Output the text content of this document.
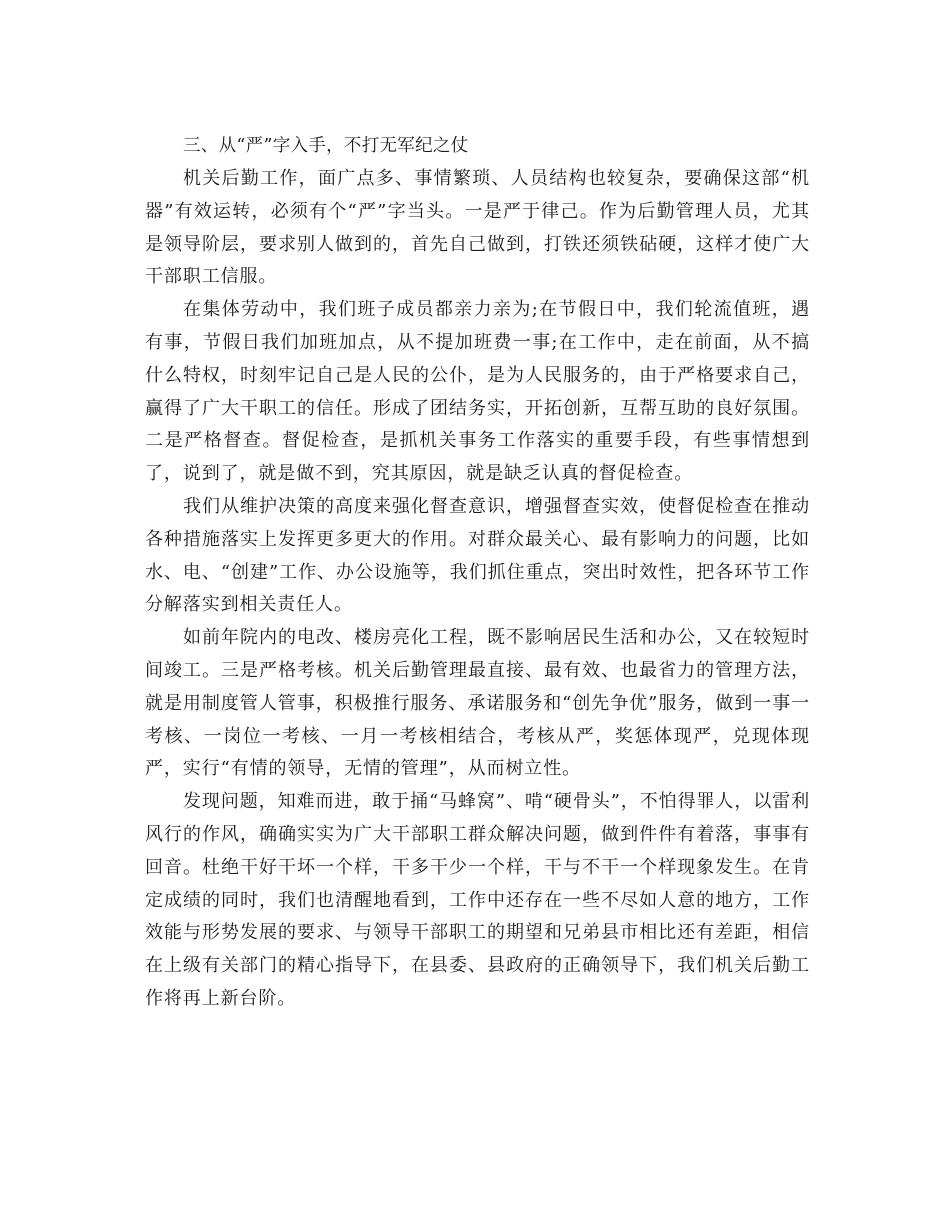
三、从“严”字入手，不打无军纪之仗

机关后勤工作，面广点多、事情繁琐、人员结构也较复杂，要确保这部“机器”有效运转，必须有个“严”字当头。一是严于律己。作为后勤管理人员，尤其是领导阶层，要求别人做到的，首先自己做到，打铁还须铁砧硬，这样才使广大干部职工信服。

在集体劳动中，我们班子成员都亲力亲为;在节假日中，我们轮流值班，遇有事，节假日我们加班加点，从不提加班费一事;在工作中，走在前面，从不搞什么特权，时刻牢记自己是人民的公仆，是为人民服务的，由于严格要求自己，赢得了广大干职工的信任。形成了团结务实，开拓创新，互帮互助的良好氛围。二是严格督查。督促检查，是抓机关事务工作落实的重要手段，有些事情想到了，说到了，就是做不到，究其原因，就是缺乏认真的督促检查。

我们从维护决策的高度来强化督查意识，增强督查实效，使督促检查在推动各种措施落实上发挥更多更大的作用。对群众最关心、最有影响力的问题，比如水、电、“创建”工作、办公设施等，我们抓住重点，突出时效性，把各环节工作分解落实到相关责任人。

如前年院内的电改、楼房亮化工程，既不影响居民生活和办公，又在较短时间竣工。三是严格考核。机关后勤管理最直接、最有效、也最省力的管理方法，就是用制度管人管事，积极推行服务、承诺服务和“创先争优”服务，做到一事一考核、一岗位一考核、一月一考核相结合，考核从严，奖惩体现严，兑现体现严，实行“有情的领导，无情的管理”，从而树立性。

发现问题，知难而进，敢于捅“马蜂窝”、啃“硬骨头”，不怕得罪人，以雷利风行的作风，确确实实为广大干部职工群众解决问题，做到件件有着落，事事有回音。杜绝干好干坏一个样，干多干少一个样，干与不干一个样现象发生。在肯定成绩的同时，我们也清醒地看到，工作中还存在一些不尽如人意的地方，工作效能与形势发展的要求、与领导干部职工的期望和兄弟县市相比还有差距，相信在上级有关部门的精心指导下，在县委、县政府的正确领导下，我们机关后勤工作将再上新台阶。
